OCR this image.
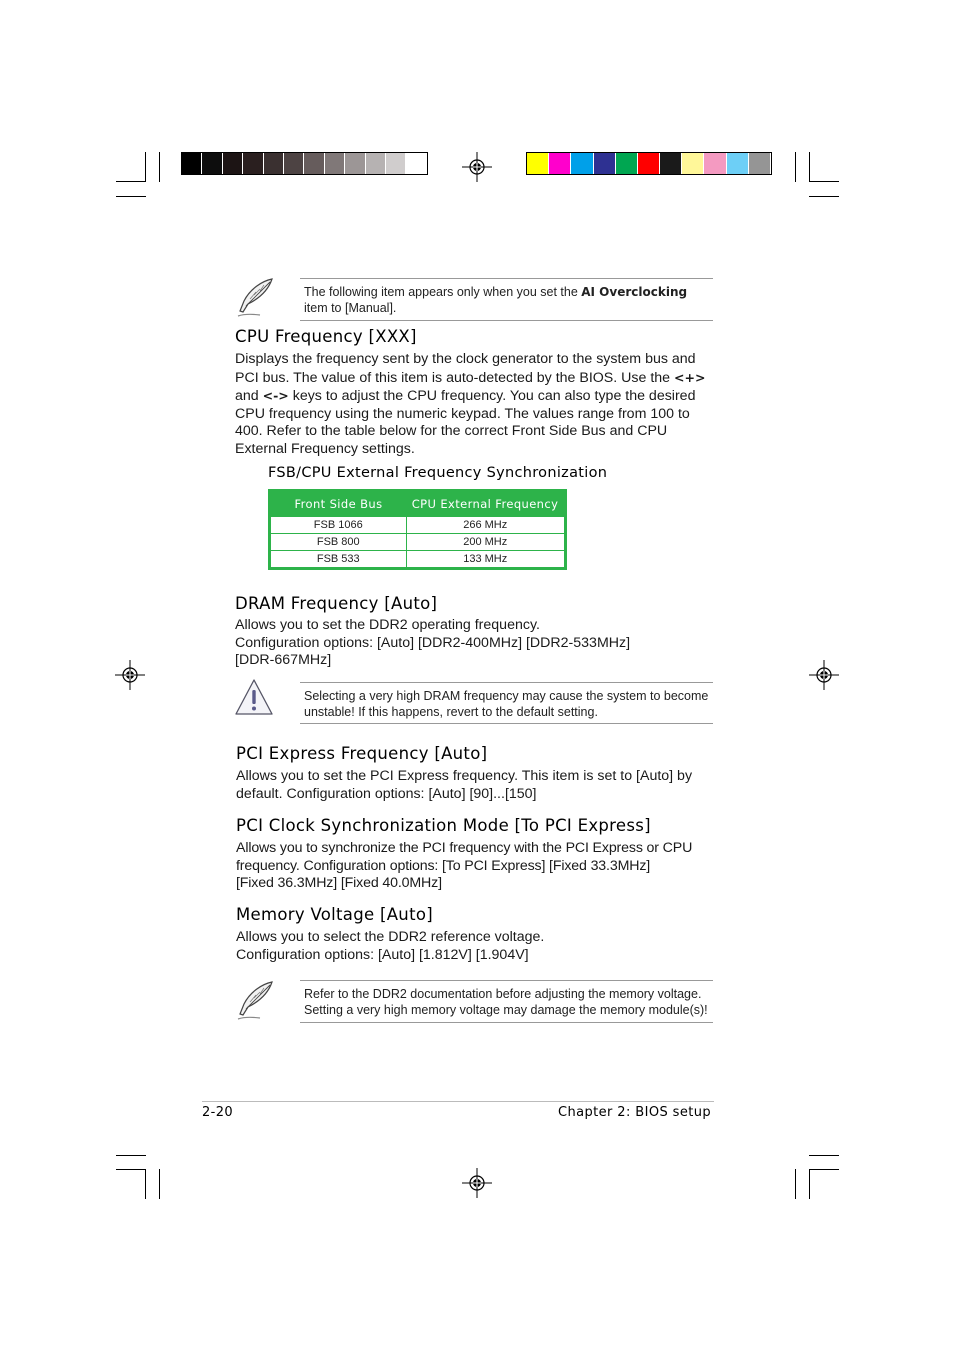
The following item appears only when you set the AI Overclocking
item to [Manual].
CPU Frequency [XXX]

Displays the frequency sent by the clock generator to the system bus and PCI bus. The value of this item is auto-detected by the BIOS. Use the <+> and <-> keys to adjust the CPU frequency. You can also type the desired CPU frequency using the numeric keypad. The values range from 100 to 400. Refer to the table below for the correct Front Side Bus and CPU External Frequency settings.

FSB/CPU External Frequency Synchronization
Front Side Bus	CPU External Frequency
FSB 1066	266 MHz
FSB 800	200 MHz
FSB 533	133 MHz
DRAM Frequency [Auto]

Allows you to set the DDR2 operating frequency.

Configuration options: [Auto] [DDR2-400MHz] [DDR2-533MHz]

[DDR-667MHz]

Selecting a very high DRAM frequency may cause the system to become
unstable! If this happens, revert to the default setting.
PCI Express Frequency [Auto]

Allows you to set the PCI Express frequency. This item is set to [Auto] by

default. Configuration options: [Auto] [90]...[150]

PCI Clock Synchronization Mode [To PCI Express]

Allows you to synchronize the PCI frequency with the PCI Express or CPU

frequency. Configuration options: [To PCI Express] [Fixed 33.3MHz]

[Fixed 36.3MHz] [Fixed 40.0MHz]

Memory Voltage [Auto]

Allows you to select the DDR2 reference voltage.

Configuration options: [Auto] [1.812V] [1.904V]

Refer to the DDR2 documentation before adjusting the memory voltage.
Setting a very high memory voltage may damage the memory module(s)!
2-20	Chapter 2: BIOS setup
